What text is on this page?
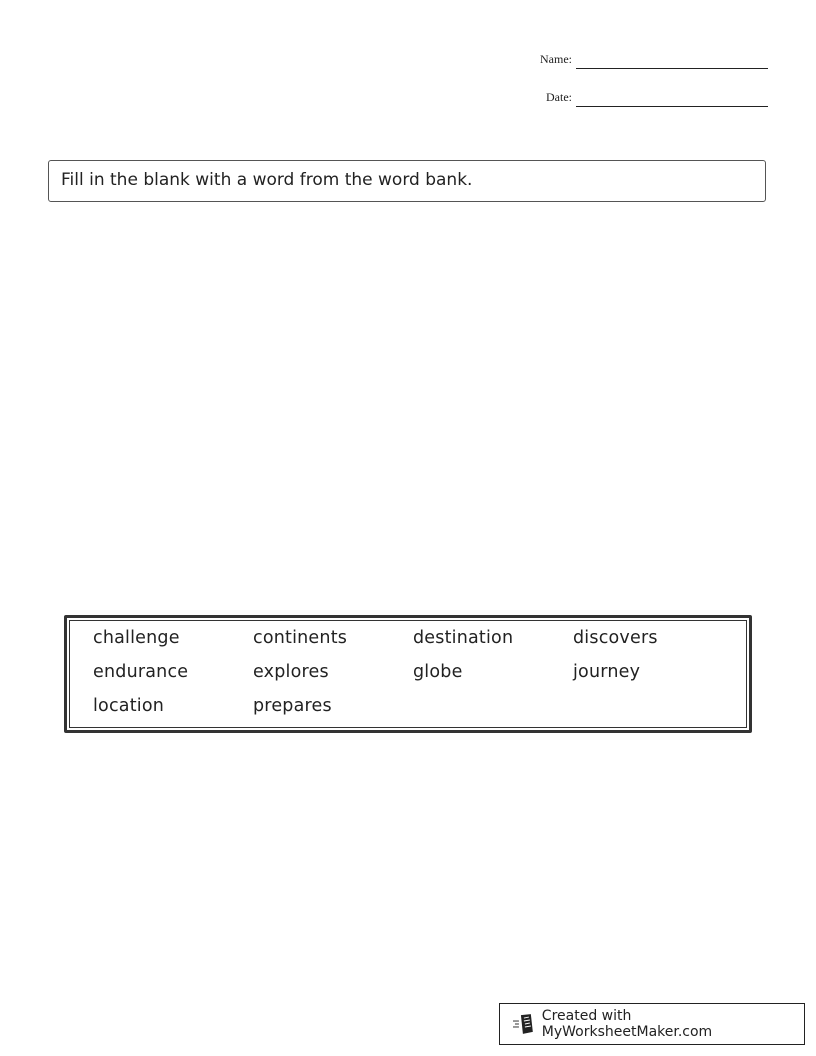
Name:
Date:
Fill in the blank with a word from the word bank.
challenge	continents	destination	discovers
endurance	explores	globe	journey
location	prepares
Created with MyWorksheetMaker.com
